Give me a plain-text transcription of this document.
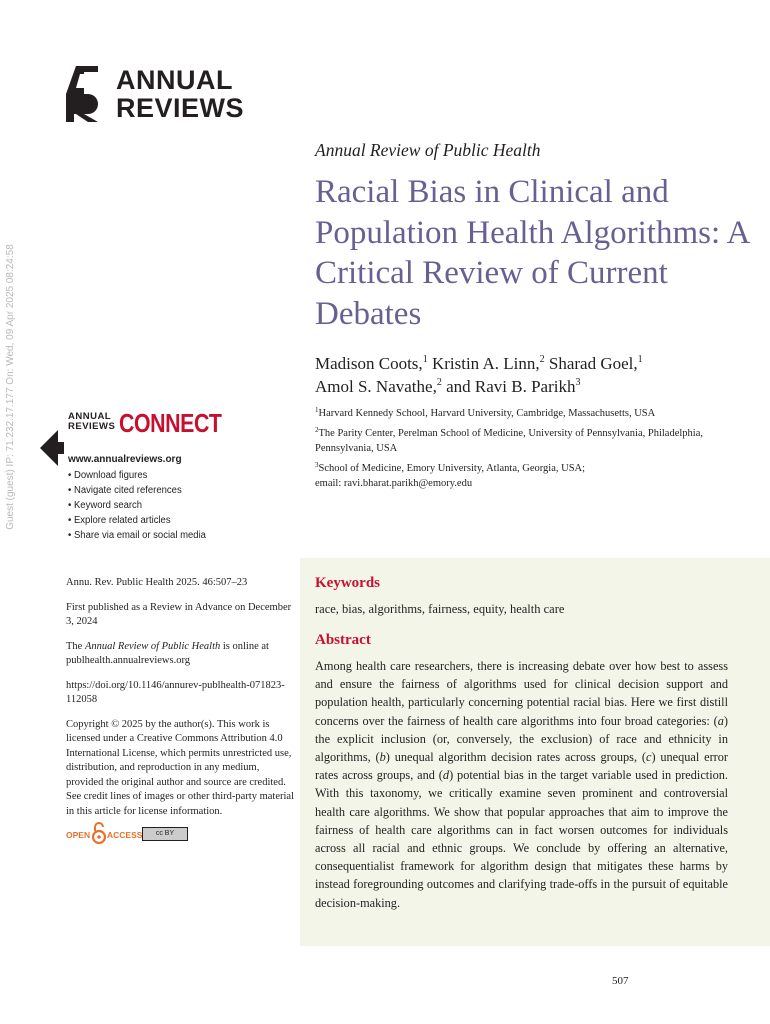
ANNUAL
REVIEWS
Guest (guest) IP: 71.232.17.177 On: Wed, 09 Apr 2025 08:24:58
Annual Review of Public Health
Racial Bias in Clinical and Population Health Algorithms: A Critical Review of Current Debates
Madison Coots,$^1$ Kristin A. Linn,$^2$ Sharad Goel,$^1$
Amol S. Navathe,$^2$ and Ravi B. Parikh$^3$

$^1$Harvard Kennedy School, Harvard University, Cambridge, Massachusetts, USA

$^2$The Parity Center, Perelman School of Medicine, University of Pennsylvania, Philadelphia, Pennsylvania, USA

$^3$School of Medicine, Emory University, Atlanta, Georgia, USA;
email: ravi.bharat.parikh@emory.edu

ANNUAL
REVIEWS CONNECT
www.annualreviews.org
• Download figures
• Navigate cited references
• Keyword search
• Explore related articles
• Share via email or social media

Annu. Rev. Public Health 2025. 46:507–23

First published as a Review in Advance on December 3, 2024

The Annual Review of Public Health is online at publhealth.annualreviews.org

https://doi.org/10.1146/annurev-publhealth-071823-112058

Copyright © 2025 by the author(s). This work is licensed under a Creative Commons Attribution 4.0 International License, which permits unrestricted use, distribution, and reproduction in any medium, provided the original author and source are credited. See credit lines of images or other third-party material in this article for license information.

OPEN ACCESS	cc BY
Keywords
race, bias, algorithms, fairness, equity, health care
Abstract
Among health care researchers, there is increasing debate over how best to assess and ensure the fairness of algorithms used for clinical decision support and population health, particularly concerning potential racial bias. Here we first distill concerns over the fairness of health care algorithms into four broad categories: (a) the explicit inclusion (or, conversely, the exclusion) of race and ethnicity in algorithms, (b) unequal algorithm decision rates across groups, (c) unequal error rates across groups, and (d) potential bias in the target variable used in prediction. With this taxonomy, we critically examine seven prominent and controversial health care algorithms. We show that popular approaches that aim to improve the fairness of health care algorithms can in fact worsen outcomes for individuals across all racial and ethnic groups. We conclude by offering an alternative, consequentialist framework for algorithm design that mitigates these harms by instead foregrounding outcomes and clarifying trade-offs in the pursuit of equitable decision-making.
507
